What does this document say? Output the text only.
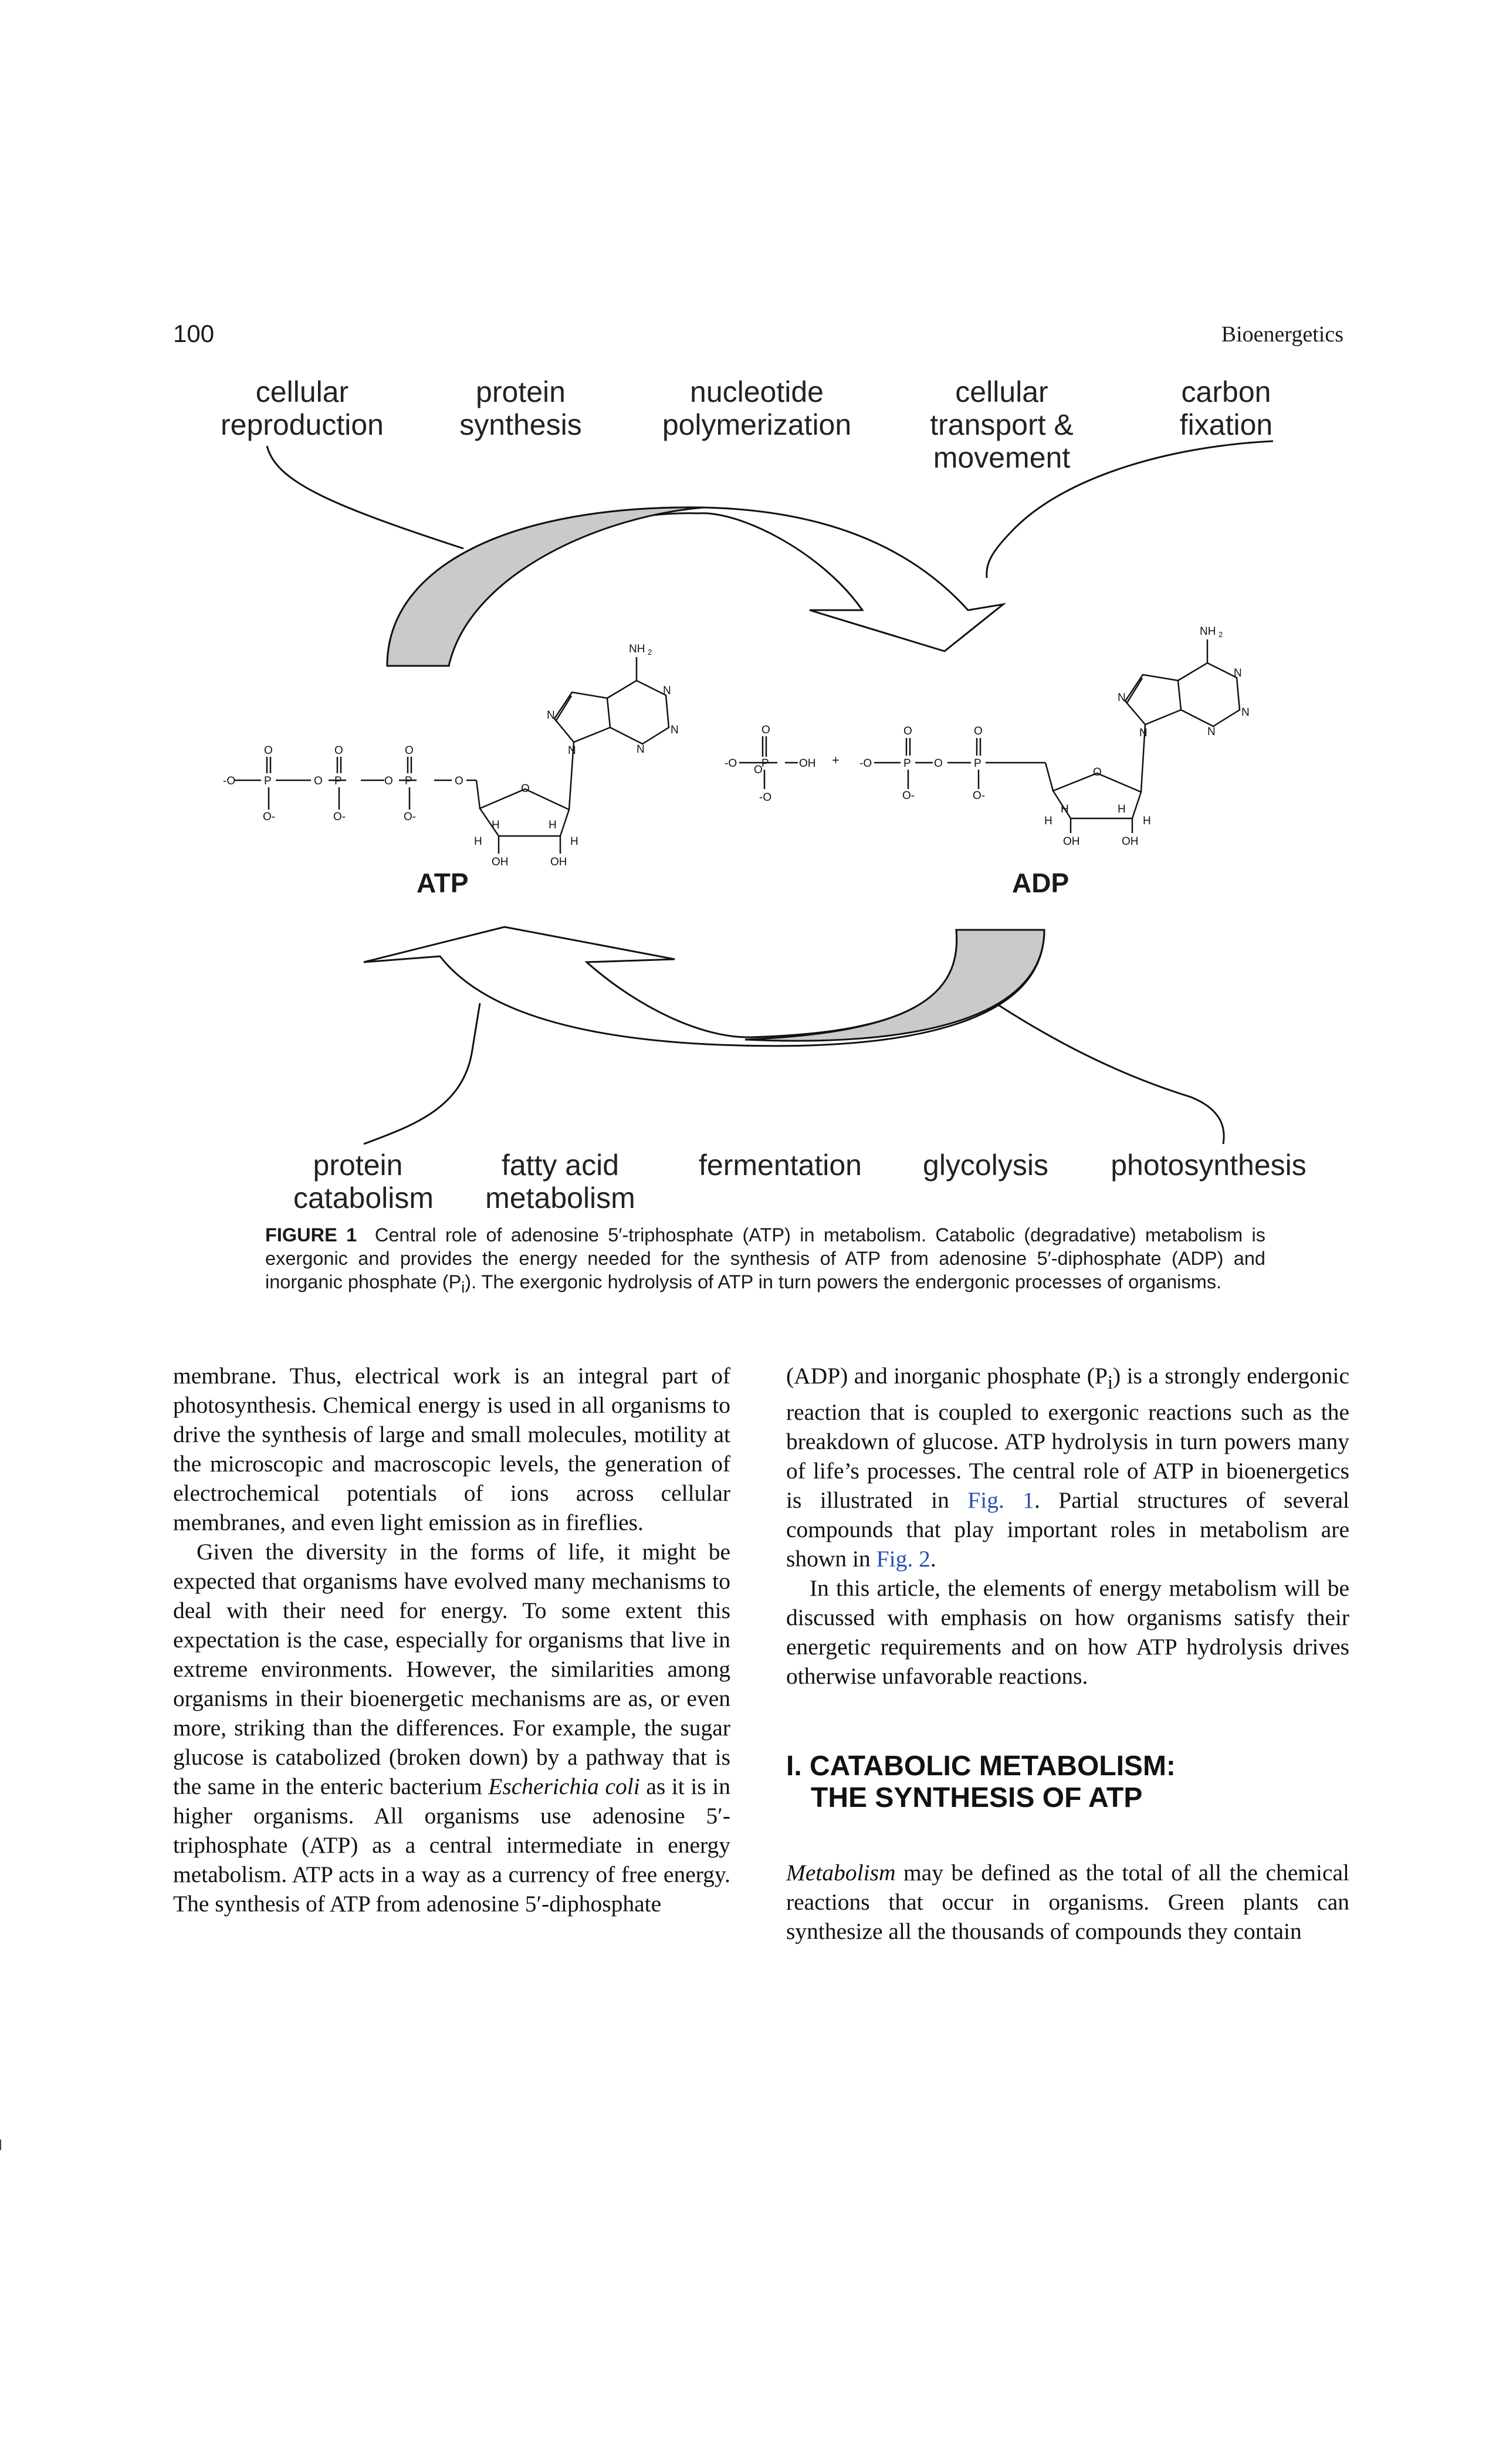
100	Bioenergetics
-O	P	O P	O P	O
O	O	O
O-	O-	O-
O
H	H
H	H
OH	OH
N
N
N
N
N
NH 2
O
-O P	OH
O
-O
-O	P O	P
O	O
O-	O-
O
H	H
H	H
OH	OH
N
N
N
N
N
NH 2
+
cellular
reproduction
protein
synthesis
nucleotide
polymerization
cellular
transport &
movement
carbon
fixation
ATP	ADP
protein
catabolism
fatty acid
metabolism
fermentation glycolysis photosynthesis
FIGURE 1 Central role of adenosine 5′-triphosphate (ATP) in metabolism. Catabolic (degradative) metabolism is exergonic and provides the energy needed for the synthesis of ATP from adenosine 5′-diphosphate (ADP) and inorganic phosphate $(P_i)$. The exergonic hydrolysis of ATP in turn powers the endergonic processes of organisms.

membrane. Thus, electrical work is an integral part of photosynthesis. Chemical energy is used in all organisms to drive the synthesis of large and small molecules, motility at the microscopic and macroscopic levels, the generation of electrochemical potentials of ions across cellular membranes, and even light emission as in fireflies.

Given the diversity in the forms of life, it might be expected that organisms have evolved many mechanisms to deal with their need for energy. To some extent this expectation is the case, especially for organisms that live in extreme environments. However, the similarities among organisms in their bioenergetic mechanisms are as, or even more, striking than the differences. For example, the sugar glucose is catabolized (broken down) by a pathway that is the same in the enteric bacterium Escherichia coli as it is in higher organisms. All organisms use adenosine 5′-triphosphate (ATP) as a central intermediate in energy metabolism. ATP acts in a way as a currency of free energy. The synthesis of ATP from adenosine 5′-diphosphate

(ADP) and inorganic phosphate $(P_i)$ is a strongly endergonic reaction that is coupled to exergonic reactions such as the breakdown of glucose. ATP hydrolysis in turn powers many of life’s processes. The central role of ATP in bioenergetics is illustrated in Fig. 1. Partial structures of several compounds that play important roles in metabolism are shown in Fig. 2.

In this article, the elements of energy metabolism will be discussed with emphasis on how organisms satisfy their energetic requirements and on how ATP hydrolysis drives otherwise unfavorable reactions.

I. CATABOLIC METABOLISM:
THE SYNTHESIS OF ATP

Metabolism may be defined as the total of all the chemical reactions that occur in organisms. Green plants can synthesize all the thousands of compounds they contain
